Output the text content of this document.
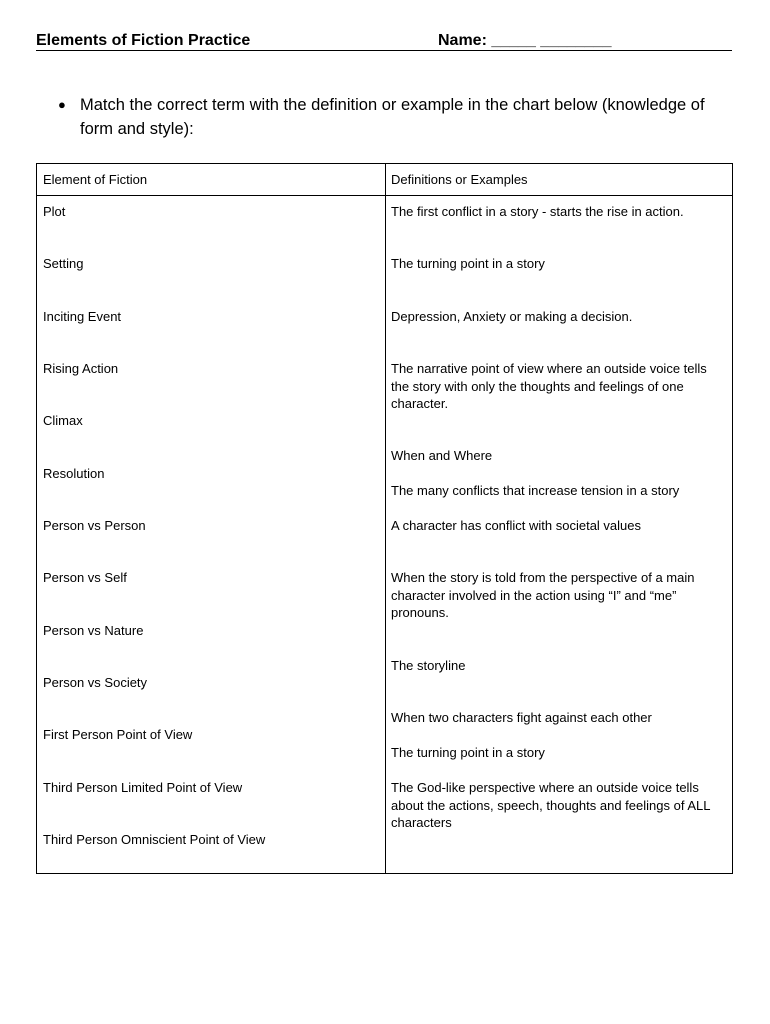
Elements of Fiction Practice	Name: _____ ________
● Match the correct term with the definition or example in the chart below (knowledge of form and style):
Element of Fiction	Definitions or Examples
Plot
Setting
Inciting Event
Rising Action
Climax
Resolution
Person vs Person
Person vs Self
Person vs Nature
Person vs Society
First Person Point of View
Third Person Limited Point of View
Third Person Omniscient Point of View
The first conflict in a story - starts the rise in action.
The turning point in a story
Depression, Anxiety or making a decision.
The narrative point of view where an outside voice tells the story with only the thoughts and feelings of one character.
When and Where
The many conflicts that increase tension in a story
A character has conflict with societal values
When the story is told from the perspective of a main character involved in the action using “I” and “me” pronouns.
The storyline
When two characters fight against each other
The turning point in a story
The God-like perspective where an outside voice tells about the actions, speech, thoughts and feelings of ALL characters
